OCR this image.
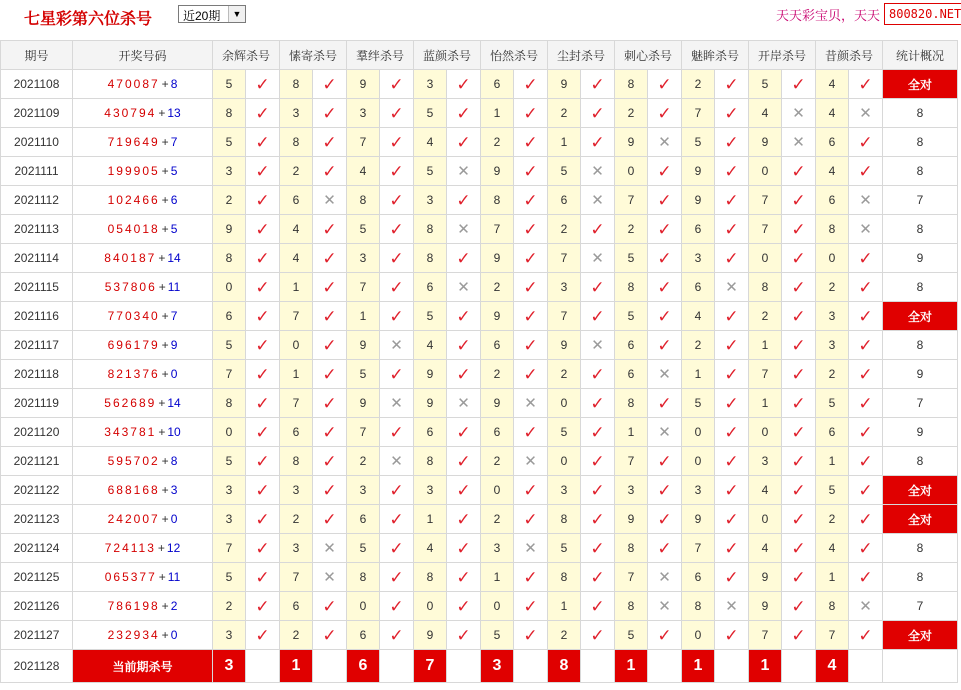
七星彩第六位杀号	近20期	▼	天天彩宝贝，天天 800820.NET
期号	开奖号码	余辉杀号		愫寄杀号		羣绊杀号		蓝颜杀号		怡然杀号		尘封杀号		刺心杀号		魅眸杀号		开岸杀号		昔颜杀号		统计概况
2021108	470087 + 8	5	✓	8	✓	9	✓	3	✓	6	✓	9	✓	8	✓	2	✓	5	✓	4	✓	全对
2021109	430794 + 13	8	✓	3	✓	3	✓	5	✓	1	✓	2	✓	2	✓	7	✓	4	✕	4	✕	8
2021110	719649 + 7	5	✓	8	✓	7	✓	4	✓	2	✓	1	✓	9	✕	5	✓	9	✕	6	✓	8
2021111	199905 + 5	3	✓	2	✓	4	✓	5	✕	9	✓	5	✕	0	✓	9	✓	0	✓	4	✓	8
2021112	102466 + 6	2	✓	6	✕	8	✓	3	✓	8	✓	6	✕	7	✓	9	✓	7	✓	6	✕	7
2021113	054018 + 5	9	✓	4	✓	5	✓	8	✕	7	✓	2	✓	2	✓	6	✓	7	✓	8	✕	8
2021114	840187 + 14	8	✓	4	✓	3	✓	8	✓	9	✓	7	✕	5	✓	3	✓	0	✓	0	✓	9
2021115	537806 + 11	0	✓	1	✓	7	✓	6	✕	2	✓	3	✓	8	✓	6	✕	8	✓	2	✓	8
2021116	770340 + 7	6	✓	7	✓	1	✓	5	✓	9	✓	7	✓	5	✓	4	✓	2	✓	3	✓	全对
2021117	696179 + 9	5	✓	0	✓	9	✕	4	✓	6	✓	9	✕	6	✓	2	✓	1	✓	3	✓	8
2021118	821376 + 0	7	✓	1	✓	5	✓	9	✓	2	✓	2	✓	6	✕	1	✓	7	✓	2	✓	9
2021119	562689 + 14	8	✓	7	✓	9	✕	9	✕	9	✕	0	✓	8	✓	5	✓	1	✓	5	✓	7
2021120	343781 + 10	0	✓	6	✓	7	✓	6	✓	6	✓	5	✓	1	✕	0	✓	0	✓	6	✓	9
2021121	595702 + 8	5	✓	8	✓	2	✕	8	✓	2	✕	0	✓	7	✓	0	✓	3	✓	1	✓	8
2021122	688168 + 3	3	✓	3	✓	3	✓	3	✓	0	✓	3	✓	3	✓	3	✓	4	✓	5	✓	全对
2021123	242007 + 0	3	✓	2	✓	6	✓	1	✓	2	✓	8	✓	9	✓	9	✓	0	✓	2	✓	全对
2021124	724113 + 12	7	✓	3	✕	5	✓	4	✓	3	✕	5	✓	8	✓	7	✓	4	✓	4	✓	8
2021125	065377 + 11	5	✓	7	✕	8	✓	8	✓	1	✓	8	✓	7	✕	6	✓	9	✓	1	✓	8
2021126	786198 + 2	2	✓	6	✓	0	✓	0	✓	0	✓	1	✓	8	✕	8	✕	9	✓	8	✕	7
2021127	232934 + 0	3	✓	2	✓	6	✓	9	✓	5	✓	2	✓	5	✓	0	✓	7	✓	7	✓	全对
2021128	当前期杀号	3		1		6		7		3		8		1		1		1		4		
